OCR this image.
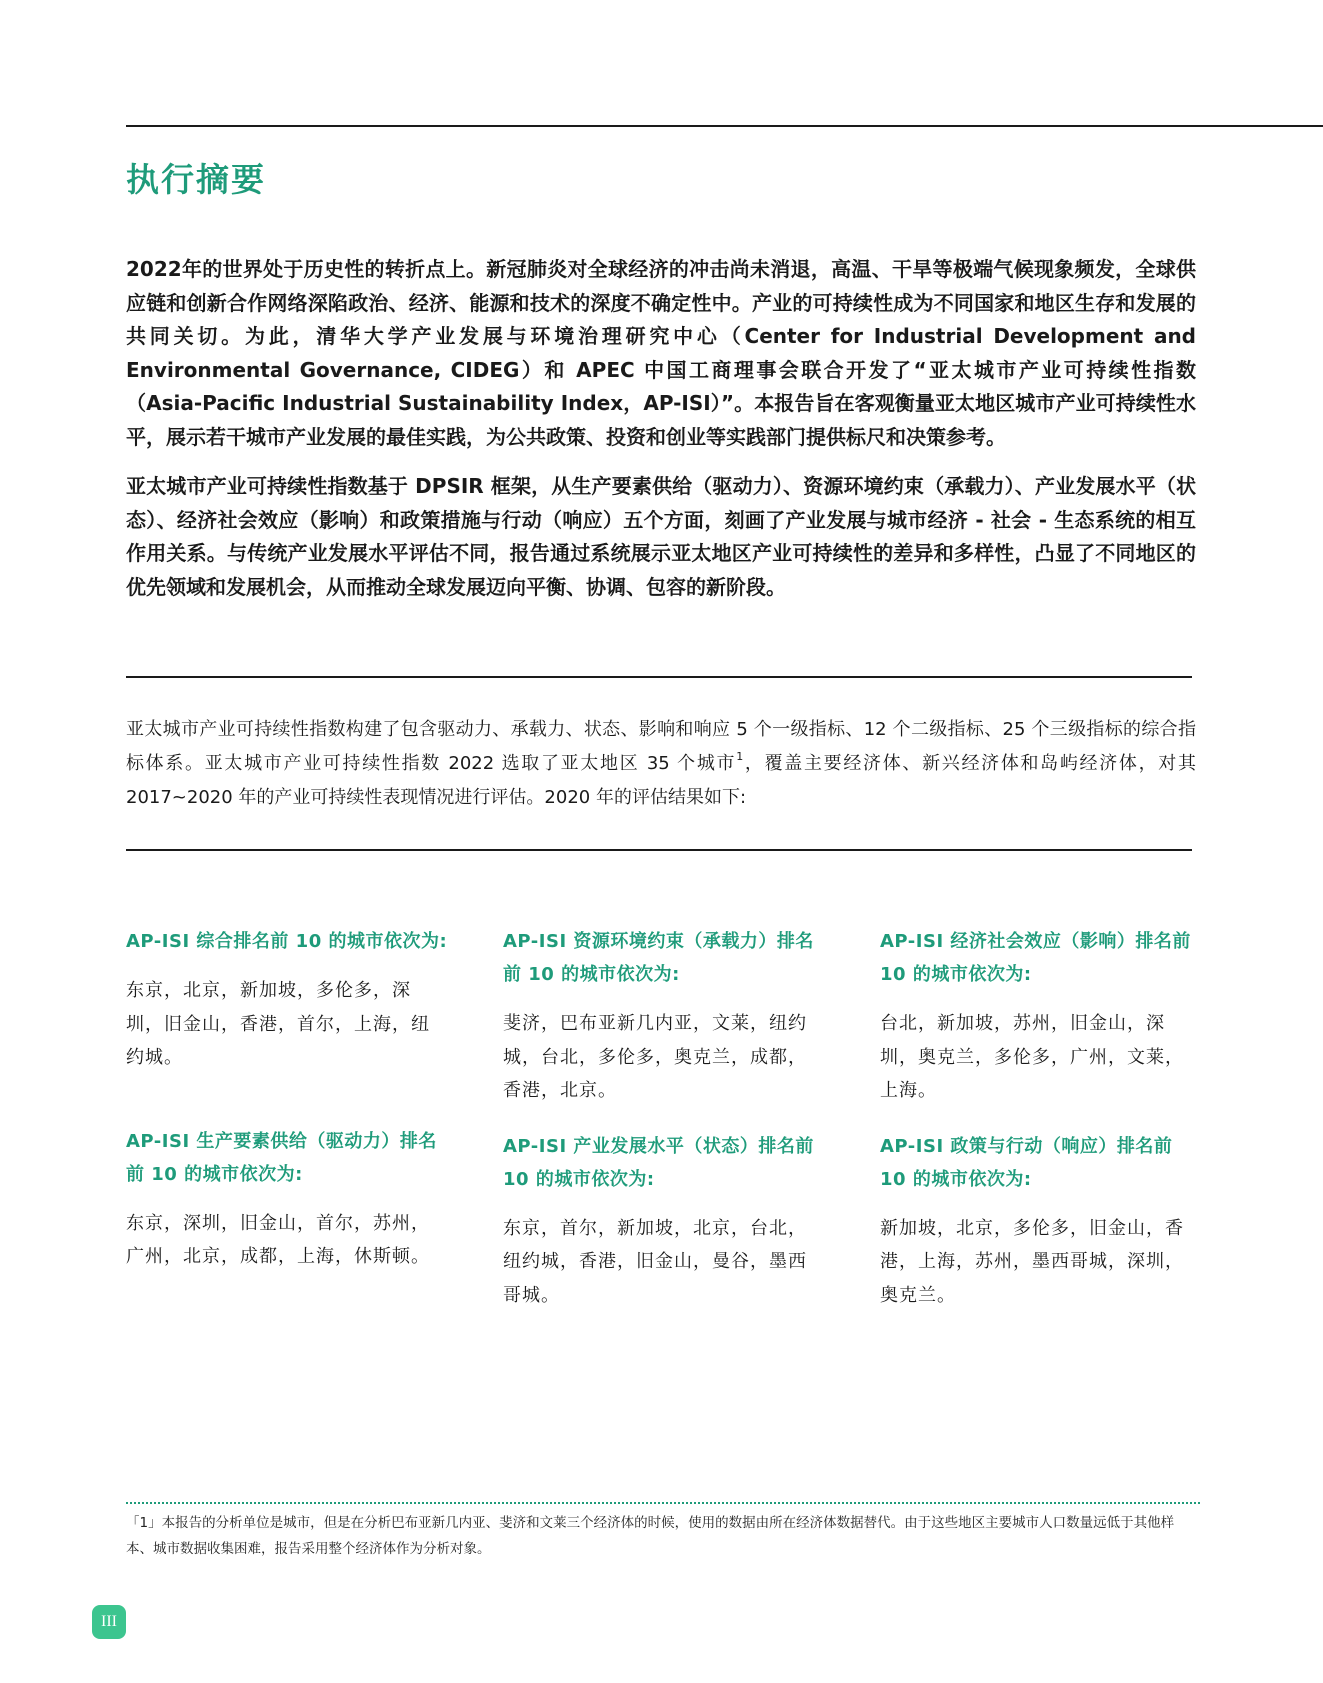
执行摘要

2022年的世界处于历史性的转折点上。新冠肺炎对全球经济的冲击尚未消退，高温、干旱等极端气候现象频发，全球供应链和创新合作网络深陷政治、经济、能源和技术的深度不确定性中。产业的可持续性成为不同国家和地区生存和发展的共同关切。为此，清华大学产业发展与环境治理研究中心（Center for Industrial Development and Environmental Governance, CIDEG）和 APEC 中国工商理事会联合开发了“亚太城市产业可持续性指数（Asia-Pacific Industrial Sustainability Index，AP-ISI）”。本报告旨在客观衡量亚太地区城市产业可持续性水平，展示若干城市产业发展的最佳实践，为公共政策、投资和创业等实践部门提供标尺和决策参考。

亚太城市产业可持续性指数基于 DPSIR 框架，从生产要素供给（驱动力）、资源环境约束（承载力）、产业发展水平（状态）、经济社会效应（影响）和政策措施与行动（响应）五个方面，刻画了产业发展与城市经济 - 社会 - 生态系统的相互作用关系。与传统产业发展水平评估不同，报告通过系统展示亚太地区产业可持续性的差异和多样性，凸显了不同地区的优先领域和发展机会，从而推动全球发展迈向平衡、协调、包容的新阶段。

亚太城市产业可持续性指数构建了包含驱动力、承载力、状态、影响和响应 5 个一级指标、12 个二级指标、25 个三级指标的综合指标体系。亚太城市产业可持续性指数 2022 选取了亚太地区 35 个城市$^1$，覆盖主要经济体、新兴经济体和岛屿经济体，对其 2017~2020 年的产业可持续性表现情况进行评估。2020 年的评估结果如下:

AP-ISI 综合排名前 10 的城市依次为:

东京，北京，新加坡，多伦多，深圳，旧金山，香港，首尔，上海，纽约城。

AP-ISI 生产要素供给（驱动力）排名前 10 的城市依次为:

东京，深圳，旧金山，首尔，苏州，广州，北京，成都，上海，休斯顿。

AP-ISI 资源环境约束（承载力）排名前 10 的城市依次为:

斐济，巴布亚新几内亚，文莱，纽约城，台北，多伦多，奥克兰，成都，香港，北京。

AP-ISI 产业发展水平（状态）排名前 10 的城市依次为:

东京，首尔，新加坡，北京，台北，纽约城，香港，旧金山，曼谷，墨西哥城。

AP-ISI 经济社会效应（影响）排名前 10 的城市依次为:

台北，新加坡，苏州，旧金山，深圳，奥克兰，多伦多，广州，文莱，上海。

AP-ISI 政策与行动（响应）排名前 10 的城市依次为:

新加坡，北京，多伦多，旧金山，香港，上海，苏州，墨西哥城，深圳，奥克兰。

「1」本报告的分析单位是城市，但是在分析巴布亚新几内亚、斐济和文莱三个经济体的时候，使用的数据由所在经济体数据替代。由于这些地区主要城市人口数量远低于其他样本、城市数据收集困难，报告采用整个经济体作为分析对象。

III
